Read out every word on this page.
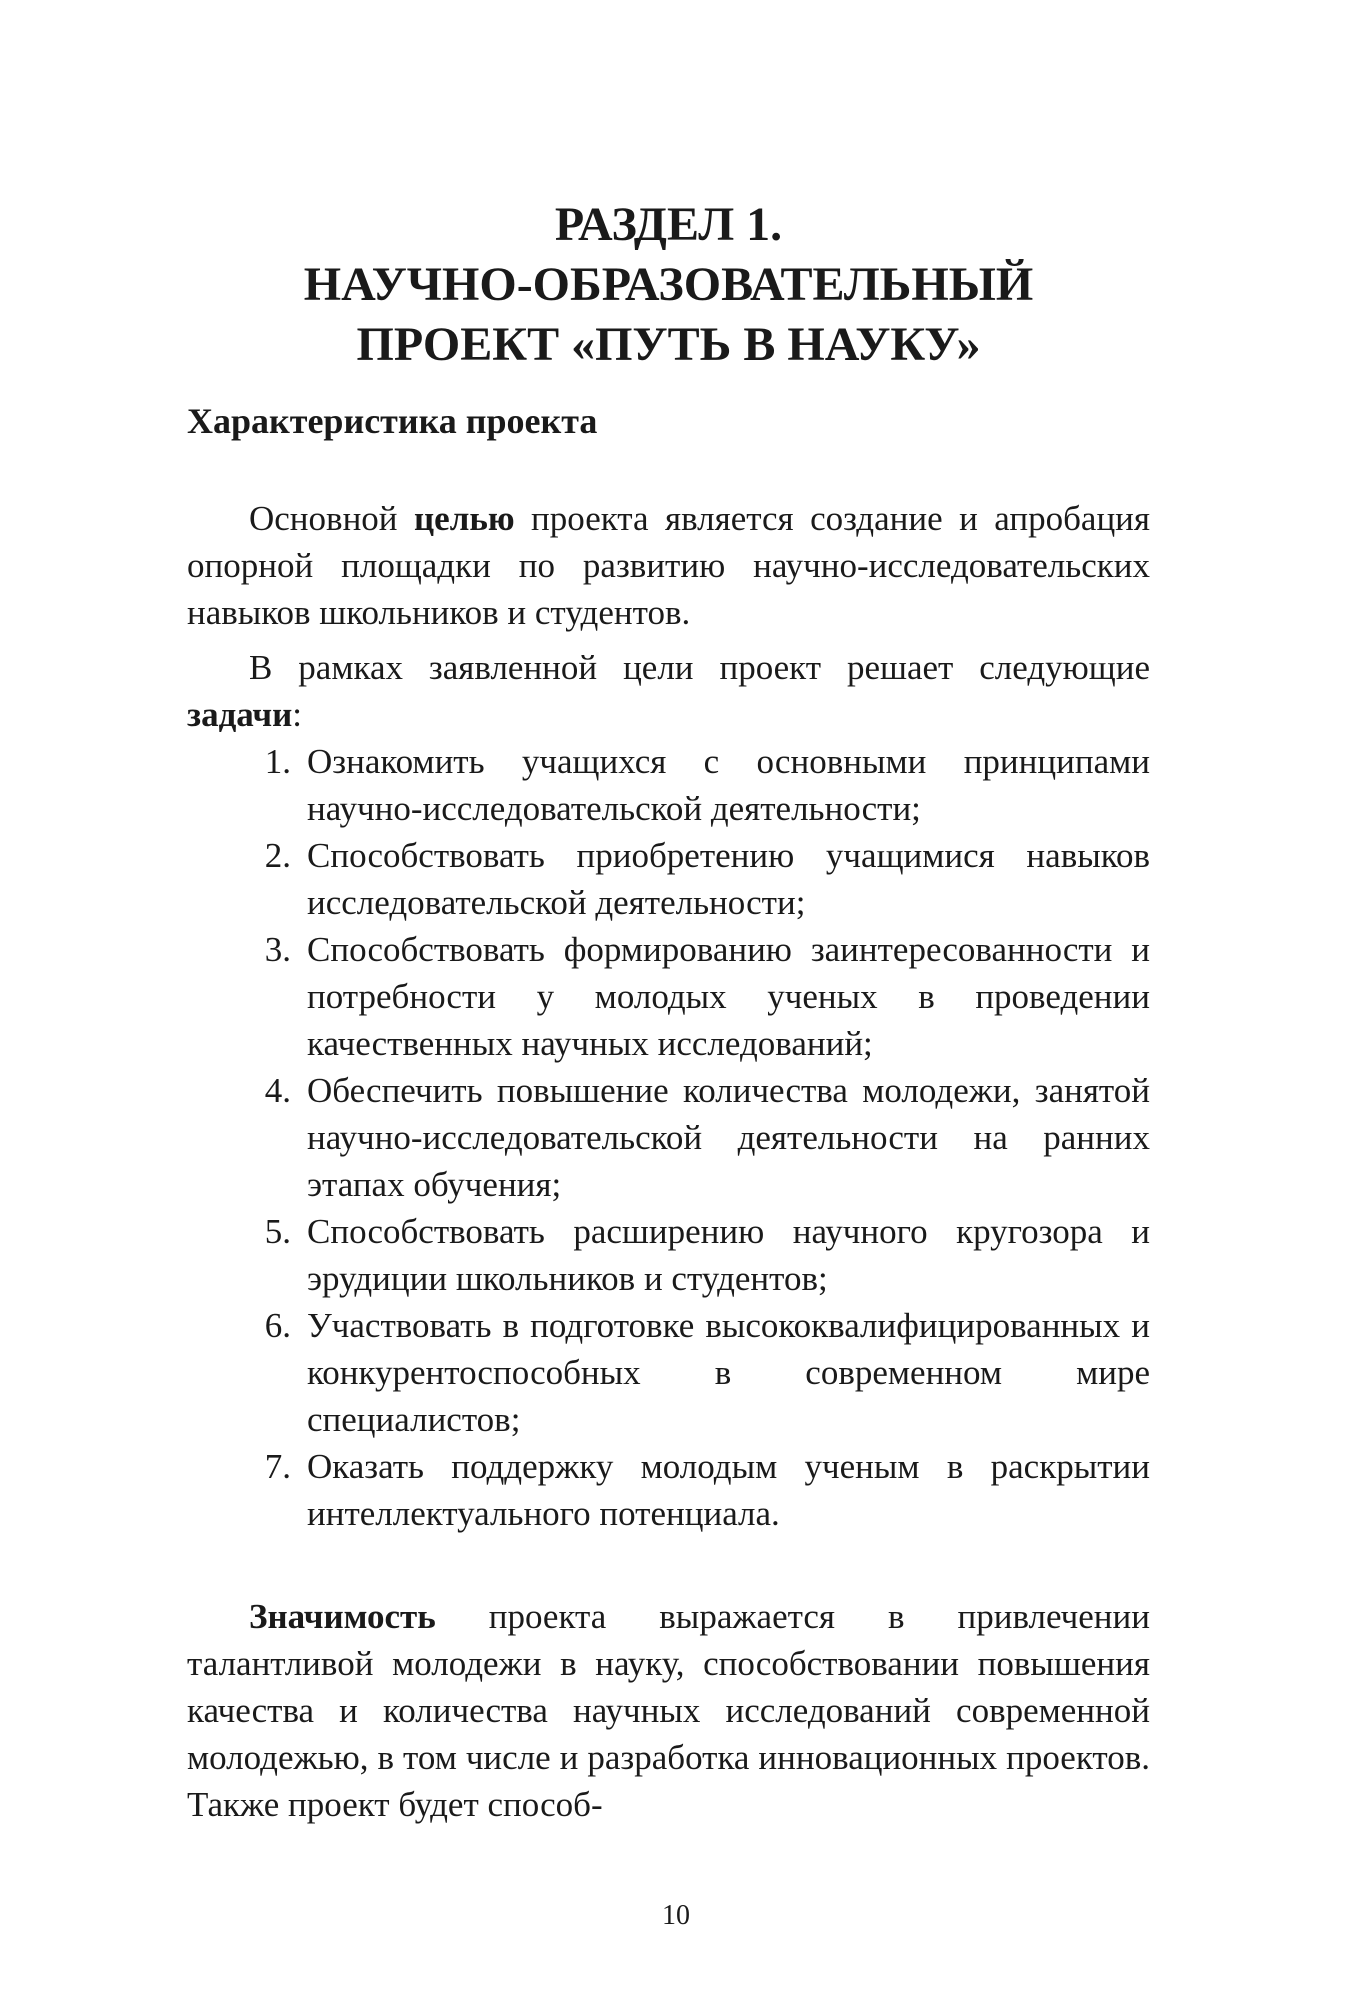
РАЗДЕЛ 1.
НАУЧНО-ОБРАЗОВАТЕЛЬНЫЙ
ПРОЕКТ «ПУТЬ В НАУКУ»
Характеристика проекта

Основной целью проекта является создание и апробация опорной площадки по развитию научно-исследовательских навыков школьников и студентов.

В рамках заявленной цели проект решает следующие задачи:

1. Ознакомить учащихся с основными принципами научно-исследовательской деятельности;
2. Способствовать приобретению учащимися навыков исследовательской деятельности;
3. Способствовать формированию заинтересованности и потребности у молодых ученых в проведении качественных научных исследований;
4. Обеспечить повышение количества молодежи, занятой научно-исследовательской деятельности на ранних этапах обучения;
5. Способствовать расширению научного кругозора и эрудиции школьников и студентов;
6. Участвовать в подготовке высококвалифицированных и конкурентоспособных в современном мире специалистов;
7. Оказать поддержку молодым ученым в раскрытии интеллектуального потенциала.

Значимость проекта выражается в привлечении талантливой молодежи в науку, способствовании повышения качества и количества научных исследований современной молодежью, в том числе и разработка инновационных проектов. Также проект будет способ-

10
